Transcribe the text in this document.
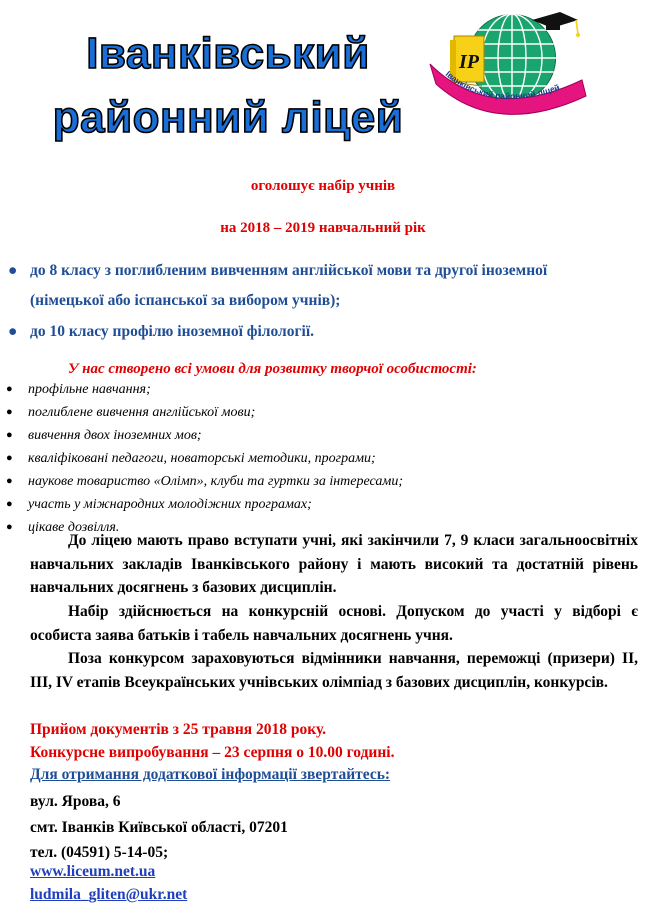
Іванківський
районний ліцей
ІР
Іванківський районний ліцей
оголошує набір учнів
на 2018 – 2019 навчальний рік
● до 8 класу з поглибленим вивченням англійської мови та другої іноземної
(німецької або іспанської за вибором учнів);
● до 10 класу профілю іноземної філології.
У нас створено всі умови для розвитку творчої особистості:
● профільне навчання;
● поглиблене вивчення англійської мови;
● вивчення двох іноземних мов;
● кваліфіковані педагоги, новаторські методики, програми;
● наукове товариство «Олімп», клуби та гуртки за інтересами;
● участь у міжнародних молодіжних програмах;
● цікаве дозвілля.
До ліцею мають право вступати учні, які закінчили 7, 9 класи загальноосвітніх навчальних закладів Іванківського району і мають високий та достатній рівень навчальних досягнень з базових дисциплін.
Набір здійснюється на конкурсній основі. Допуском до участі у відборі є особиста заява батьків і табель навчальних досягнень учня.
Поза конкурсом зараховуються відмінники навчання, переможці (призери) ІІ, ІІІ, ІV етапів Всеукраїнських учнівських олімпіад з базових дисциплін, конкурсів.
Прийом документів з 25 травня 2018 року.
Конкурсне випробування – 23 серпня о 10.00 годині.
Для отримання додаткової інформації звертайтесь:
вул. Ярова, 6
смт. Іванків Київської області, 07201
тел. (04591) 5-14-05;
www.liceum.net.ua
ludmila_gliten@ukr.net
